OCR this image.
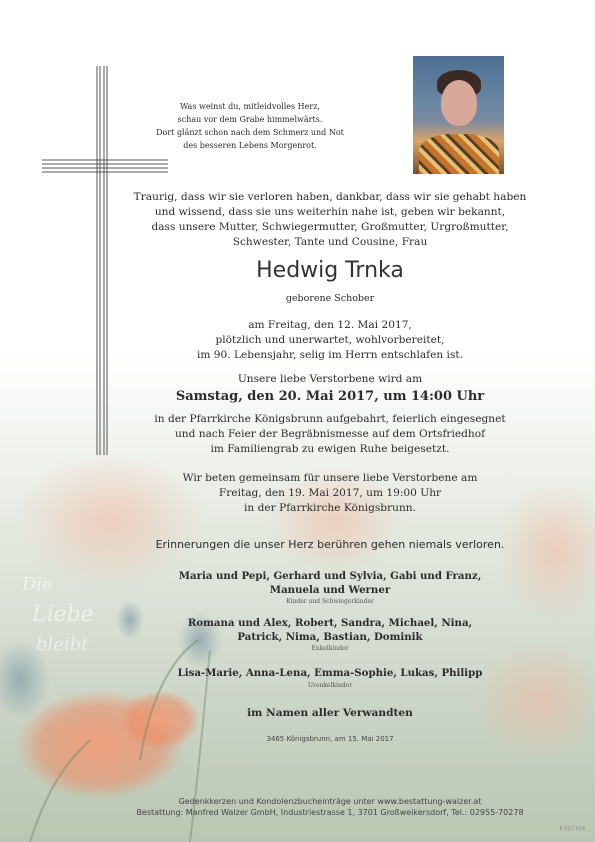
Die
Liebe
bleibt
Was weinst du, mitleidvolles Herz,
schau vor dem Grabe himmelwärts.
Dort glänzt schon nach dem Schmerz und Not
des besseren Lebens Morgenrot.
Traurig, dass wir sie verloren haben, dankbar, dass wir sie gehabt haben
und wissend, dass sie uns weiterhin nahe ist, geben wir bekannt,
dass unsere Mutter, Schwiegermutter, Großmutter, Urgroßmutter,
Schwester, Tante und Cousine, Frau
Hedwig Trnka
geborene Schober
am Freitag, den 12. Mai 2017,
plötzlich und unerwartet, wohlvorbereitet,
im 90. Lebensjahr, selig im Herrn entschlafen ist.
Unsere liebe Verstorbene wird am
Samstag, den 20. Mai 2017, um 14:00 Uhr
in der Pfarrkirche Königsbrunn aufgebahrt, feierlich eingesegnet
und nach Feier der Begräbnismesse auf dem Ortsfriedhof
im Familiengrab zu ewigen Ruhe beigesetzt.
Wir beten gemeinsam für unsere liebe Verstorbene am
Freitag, den 19. Mai 2017, um 19:00 Uhr
in der Pfarrkirche Königsbrunn.
Erinnerungen die unser Herz berühren gehen niemals verloren.
Maria und Pepi, Gerhard und Sylvia, Gabi und Franz,
Manuela und Werner
Kinder und Schwiegerkinder
Romana und Alex, Robert, Sandra, Michael, Nina,
Patrick, Nima, Bastian, Dominik
Enkelkinder
Lisa-Marie, Anna-Lena, Emma-Sophie, Lukas, Philipp
Urenkelkinder
im Namen aller Verwandten
3465 Königsbrunn, am 15. Mai 2017
Gedenkkerzen und Kondolenzbucheinträge unter www.bestattung-walzer.at
Bestattung: Manfred Walzer GmbH, Industriestrasse 1, 3701 Großweikersdorf, Tel.: 02955-70278
6 017 014
